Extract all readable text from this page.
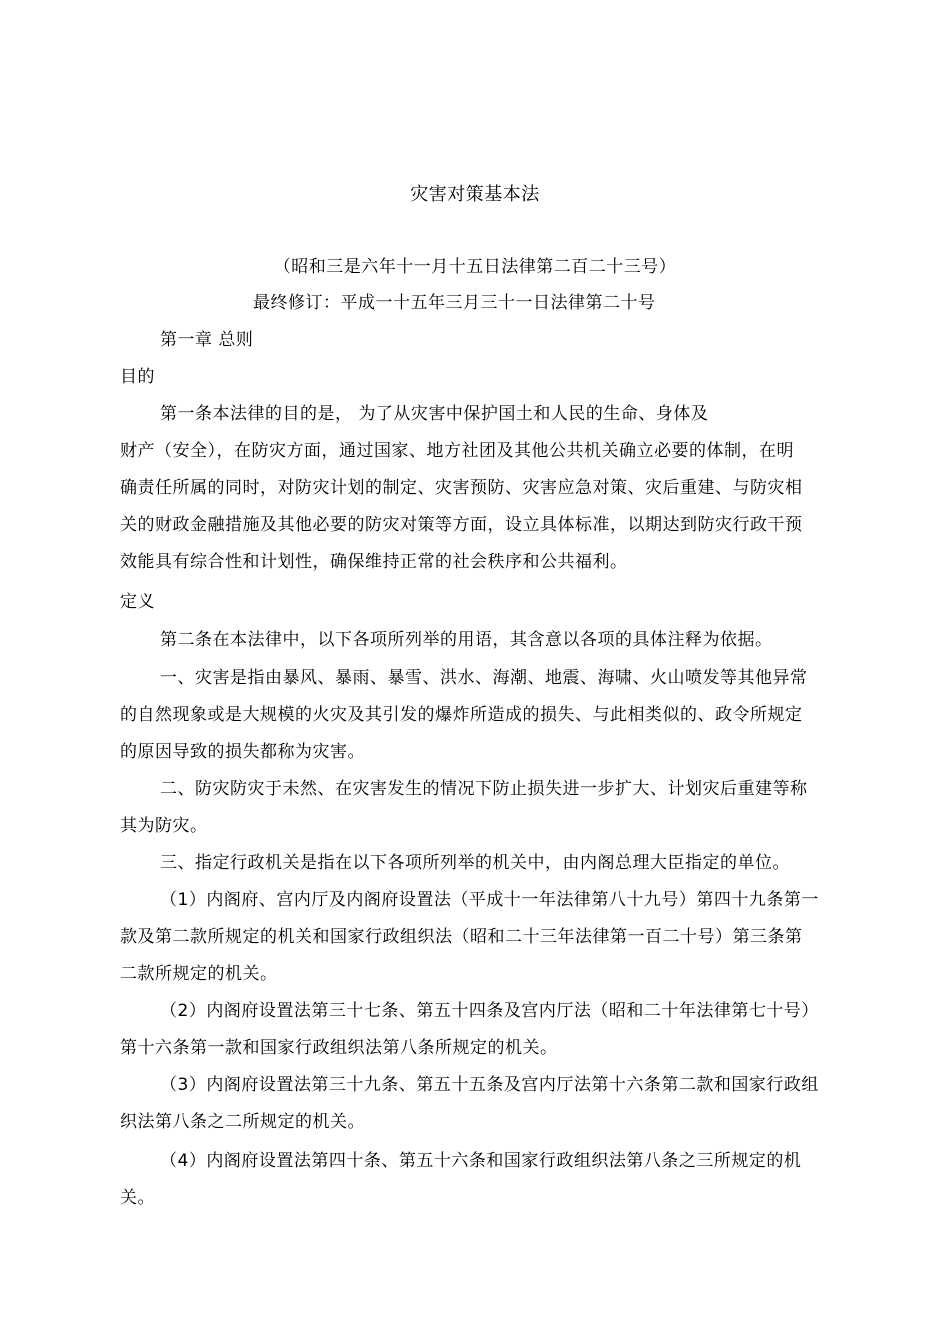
灾害对策基本法
（昭和三是六年十一月十五日法律第二百二十三号）
最终修订：平成一十五年三月三十一日法律第二十号
第一章 总则
目的
第一条本法律的目的是， 为了从灾害中保护国土和人民的生命、身体及
财产（安全），在防灾方面，通过国家、地方社团及其他公共机关确立必要的体制，在明
确责任所属的同时，对防灾计划的制定、灾害预防、灾害应急对策、灾后重建、与防灾相
关的财政金融措施及其他必要的防灾对策等方面，设立具体标准，以期达到防灾行政干预
效能具有综合性和计划性，确保维持正常的社会秩序和公共福利。
定义
第二条在本法律中，以下各项所列举的用语，其含意以各项的具体注释为依据。
一、灾害是指由暴风、暴雨、暴雪、洪水、海潮、地震、海啸、火山喷发等其他异常
的自然现象或是大规模的火灾及其引发的爆炸所造成的损失、与此相类似的、政令所规定
的原因导致的损失都称为灾害。
二、防灾防灾于未然、在灾害发生的情况下防止损失进一步扩大、计划灾后重建等称
其为防灾。
三、指定行政机关是指在以下各项所列举的机关中，由内阁总理大臣指定的单位。
（1）内阁府、宫内厅及内阁府设置法（平成十一年法律第八十九号）第四十九条第一
款及第二款所规定的机关和国家行政组织法（昭和二十三年法律第一百二十号）第三条第
二款所规定的机关。
（2）内阁府设置法第三十七条、第五十四条及宫内厅法（昭和二十年法律第七十号）
第十六条第一款和国家行政组织法第八条所规定的机关。
（3）内阁府设置法第三十九条、第五十五条及宫内厅法第十六条第二款和国家行政组
织法第八条之二所规定的机关。
（4）内阁府设置法第四十条、第五十六条和国家行政组织法第八条之三所规定的机
关。
